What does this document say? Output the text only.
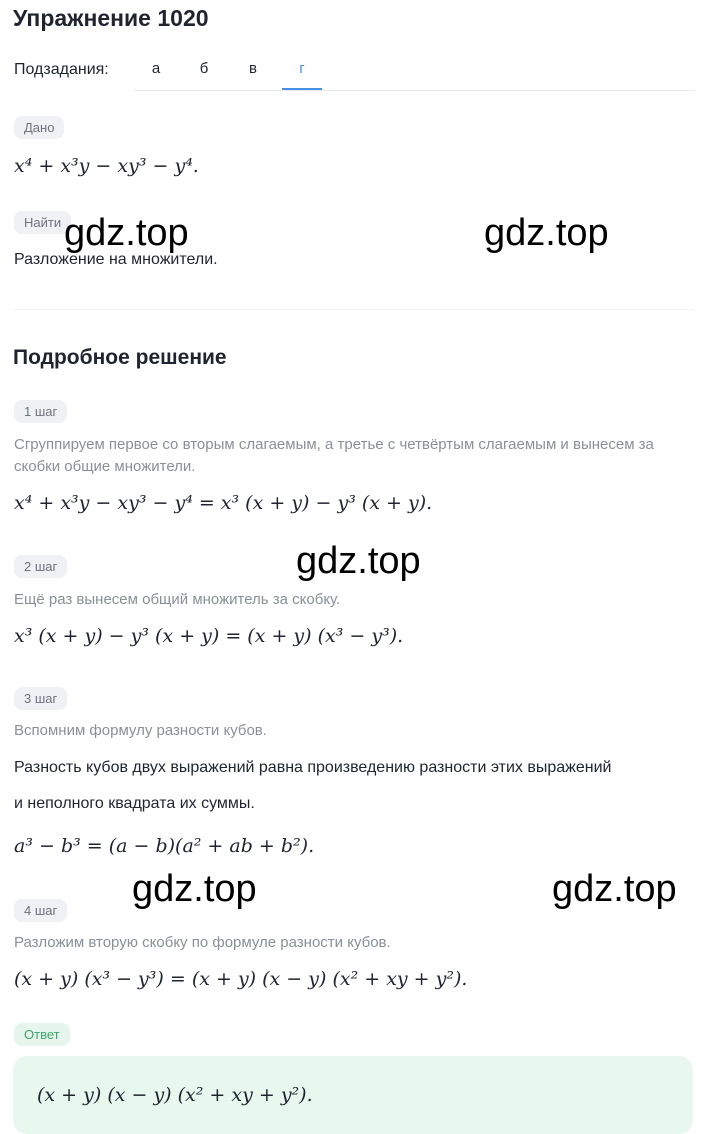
Упражнение 1020
Подзадания:	а	б	в	г
Дано
x⁴ + x³y − xy³ − y⁴.
Найти
Разложение на множители.
Подробное решение
1 шаг
Сгруппируем первое со вторым слагаемым, а третье с четвёртым слагаемым и вынесем за скобки общие множители.
x⁴ + x³y − xy³ − y⁴ = x³ (x + y) − y³ (x + y).
2 шаг
Ещё раз вынесем общий множитель за скобку.
x³ (x + y) − y³ (x + y) = (x + y) (x³ − y³).
3 шаг
Вспомним формулу разности кубов.
Разность кубов двух выражений равна произведению разности этих выражений и неполного квадрата их суммы.
a³ − b³ = (a − b)(a² + ab + b²).
4 шаг
Разложим вторую скобку по формуле разности кубов.
(x + y) (x³ − y³) = (x + y) (x − y) (x² + xy + y²).
Ответ
(x + y) (x − y) (x² + xy + y²).
gdz.top	gdz.top
gdz.top
gdz.top	gdz.top
